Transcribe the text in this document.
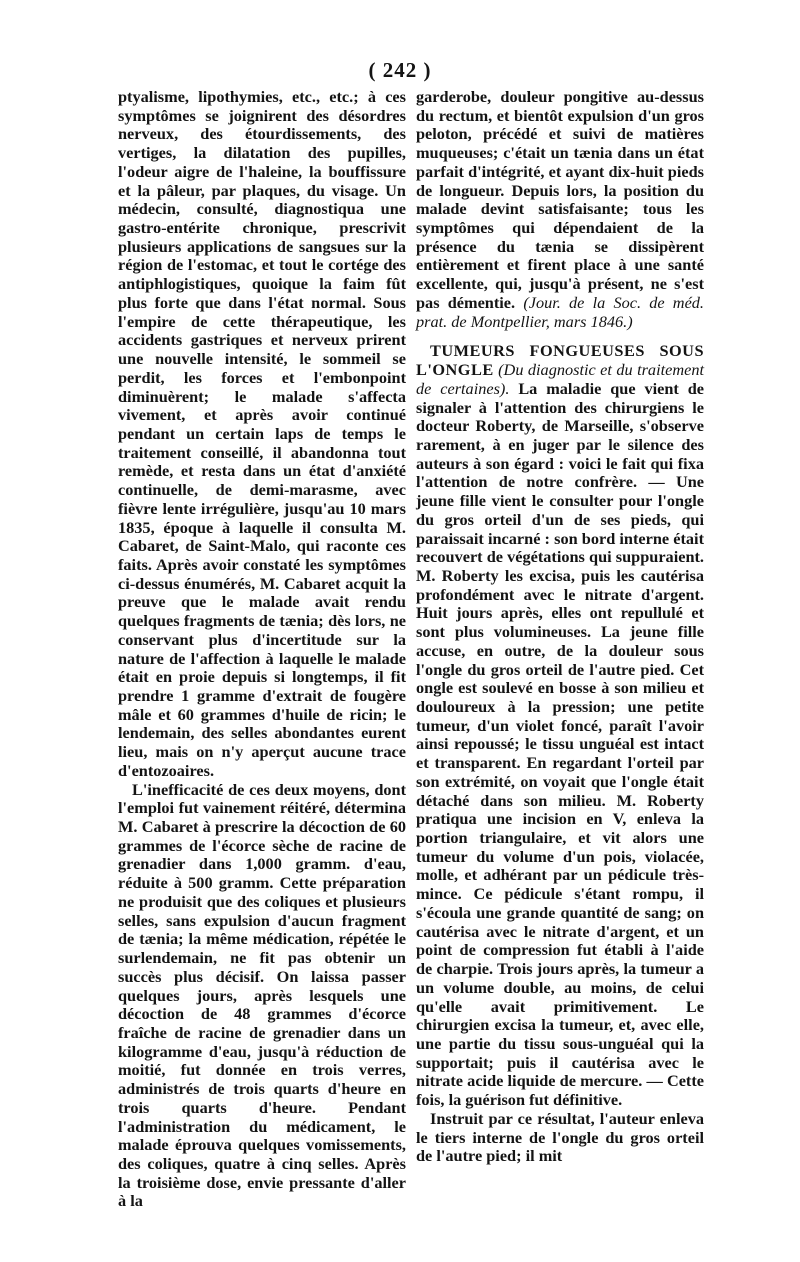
( 242 )

ptyalisme, lipothymies, etc., etc.; à ces symptômes se joignirent des désordres nerveux, des étourdissements, des vertiges, la dilatation des pupilles, l'odeur aigre de l'haleine, la bouffissure et la pâleur, par plaques, du visage. Un médecin, consulté, diagnostiqua une gastro-entérite chronique, prescrivit plusieurs applications de sangsues sur la région de l'estomac, et tout le cortége des antiphlogistiques, quoique la faim fût plus forte que dans l'état normal. Sous l'empire de cette thérapeutique, les accidents gastriques et nerveux prirent une nouvelle intensité, le sommeil se perdit, les forces et l'embonpoint diminuèrent; le malade s'affecta vivement, et après avoir continué pendant un certain laps de temps le traitement conseillé, il abandonna tout remède, et resta dans un état d'anxiété continuelle, de demi-marasme, avec fièvre lente irrégulière, jusqu'au 10 mars 1835, époque à laquelle il consulta M. Cabaret, de Saint-Malo, qui raconte ces faits. Après avoir constaté les symptômes ci-dessus énumérés, M. Cabaret acquit la preuve que le malade avait rendu quelques fragments de tænia; dès lors, ne conservant plus d'incertitude sur la nature de l'affection à laquelle le malade était en proie depuis si longtemps, il fit prendre 1 gramme d'extrait de fougère mâle et 60 grammes d'huile de ricin; le lendemain, des selles abondantes eurent lieu, mais on n'y aperçut aucune trace d'entozoaires.

L'inefficacité de ces deux moyens, dont l'emploi fut vainement réitéré, détermina M. Cabaret à prescrire la décoction de 60 grammes de l'écorce sèche de racine de grenadier dans 1,000 gramm. d'eau, réduite à 500 gramm. Cette préparation ne produisit que des coliques et plusieurs selles, sans expulsion d'aucun fragment de tænia; la même médication, répétée le surlendemain, ne fit pas obtenir un succès plus décisif. On laissa passer quelques jours, après lesquels une décoction de 48 grammes d'écorce fraîche de racine de grenadier dans un kilogramme d'eau, jusqu'à réduction de moitié, fut donnée en trois verres, administrés de trois quarts d'heure en trois quarts d'heure. Pendant l'administration du médicament, le malade éprouva quelques vomissements, des coliques, quatre à cinq selles. Après la troisième dose, envie pressante d'aller à la

garderobe, douleur pongitive au-dessus du rectum, et bientôt expulsion d'un gros peloton, précédé et suivi de matières muqueuses; c'était un tænia dans un état parfait d'intégrité, et ayant dix-huit pieds de longueur. Depuis lors, la position du malade devint satisfaisante; tous les symptômes qui dépendaient de la présence du tænia se dissipèrent entièrement et firent place à une santé excellente, qui, jusqu'à présent, ne s'est pas démentie. (Jour. de la Soc. de méd. prat. de Montpellier, mars 1846.)

TUMEURS FONGUEUSES SOUS L'ONGLE (Du diagnostic et du traitement de certaines). La maladie que vient de signaler à l'attention des chirurgiens le docteur Roberty, de Marseille, s'observe rarement, à en juger par le silence des auteurs à son égard : voici le fait qui fixa l'attention de notre confrère. — Une jeune fille vient le consulter pour l'ongle du gros orteil d'un de ses pieds, qui paraissait incarné : son bord interne était recouvert de végétations qui suppuraient. M. Roberty les excisa, puis les cautérisa profondément avec le nitrate d'argent. Huit jours après, elles ont repullulé et sont plus volumineuses. La jeune fille accuse, en outre, de la douleur sous l'ongle du gros orteil de l'autre pied. Cet ongle est soulevé en bosse à son milieu et douloureux à la pression; une petite tumeur, d'un violet foncé, paraît l'avoir ainsi repoussé; le tissu unguéal est intact et transparent. En regardant l'orteil par son extrémité, on voyait que l'ongle était détaché dans son milieu. M. Roberty pratiqua une incision en V, enleva la portion triangulaire, et vit alors une tumeur du volume d'un pois, violacée, molle, et adhérant par un pédicule très-mince. Ce pédicule s'étant rompu, il s'écoula une grande quantité de sang; on cautérisa avec le nitrate d'argent, et un point de compression fut établi à l'aide de charpie. Trois jours après, la tumeur a un volume double, au moins, de celui qu'elle avait primitivement. Le chirurgien excisa la tumeur, et, avec elle, une partie du tissu sous-unguéal qui la supportait; puis il cautérisa avec le nitrate acide liquide de mercure. — Cette fois, la guérison fut définitive.

Instruit par ce résultat, l'auteur enleva le tiers interne de l'ongle du gros orteil de l'autre pied; il mit
